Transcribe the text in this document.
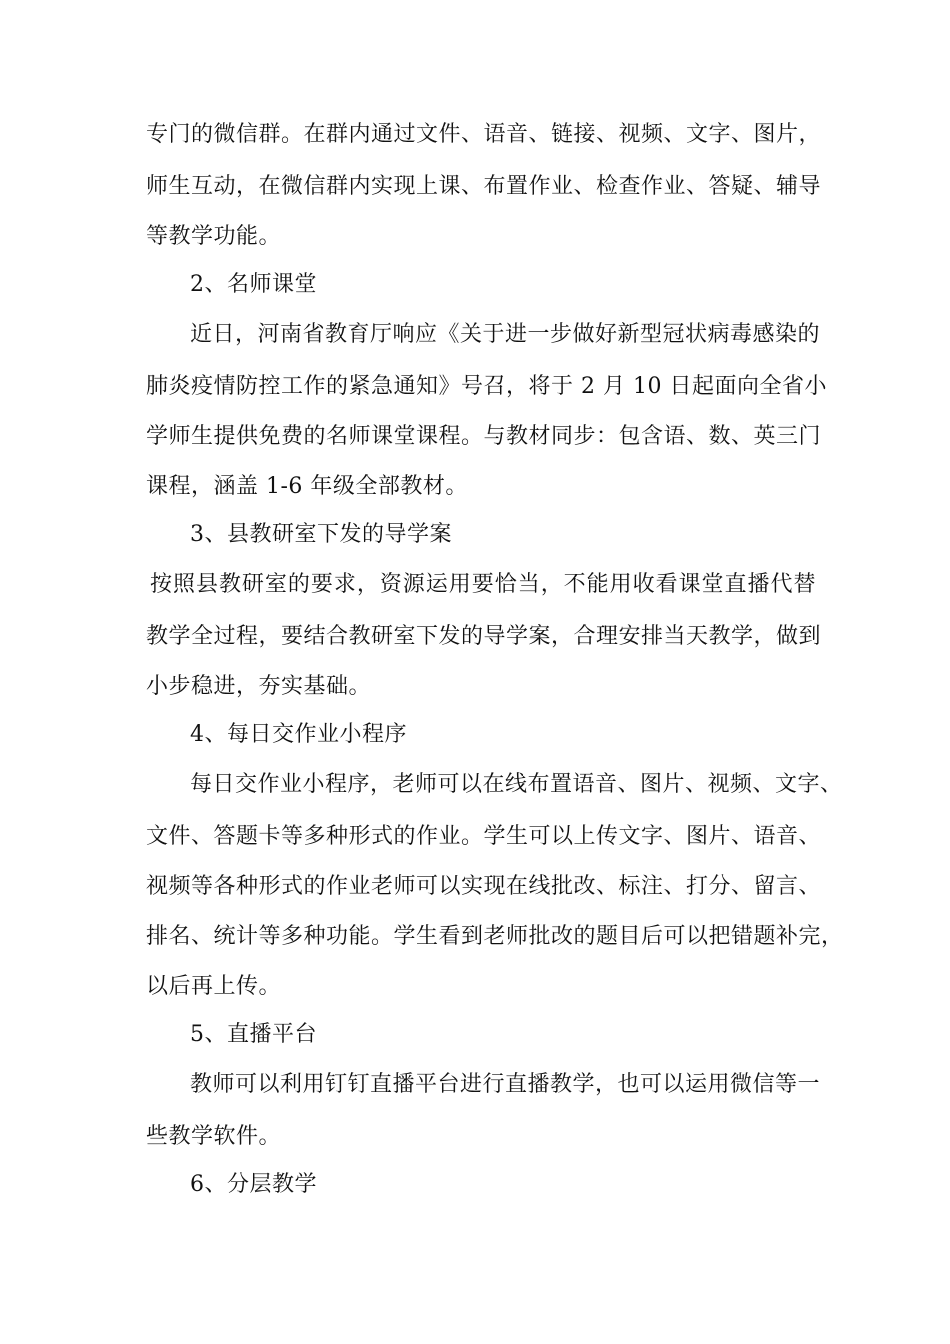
专门的微信群。在群内通过文件、语音、链接、视频、文字、图片，
师生互动，在微信群内实现上课、布置作业、检查作业、答疑、辅导
等教学功能。
2、名师课堂
近日，河南省教育厅响应《关于进一步做好新型冠状病毒感染的
肺炎疫情防控工作的紧急通知》号召，将于 2 月 10 日起面向全省小
学师生提供免费的名师课堂课程。与教材同步：包含语、数、英三门
课程，涵盖 1-6 年级全部教材。
3、县教研室下发的导学案
按照县教研室的要求，资源运用要恰当，不能用收看课堂直播代替
教学全过程，要结合教研室下发的导学案，合理安排当天教学，做到
小步稳进，夯实基础。
4、每日交作业小程序
每日交作业小程序，老师可以在线布置语音、图片、视频、文字、
文件、答题卡等多种形式的作业。学生可以上传文字、图片、语音、
视频等各种形式的作业老师可以实现在线批改、标注、打分、留言、
排名、统计等多种功能。学生看到老师批改的题目后可以把错题补完，
以后再上传。
5、直播平台
教师可以利用钉钉直播平台进行直播教学，也可以运用微信等一
些教学软件。
6、分层教学
